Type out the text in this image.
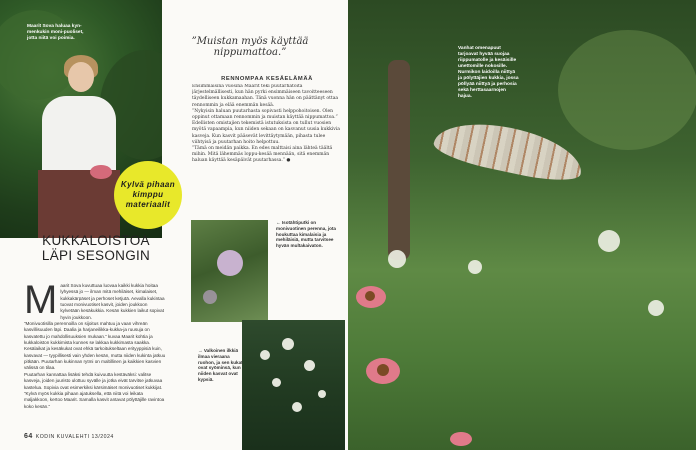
Maarit Sova haluaa kyn-menkukin moni-puoliset, jotta niitä voi poimia.
Kylvä pihaan kimppu materiaalit
KUKKALOISTOA LÄPI SESONGIN

Maarit Sova kuvuttuaa luovaa kaikki kukkia hoitaa lyhyessä jo — ilman mitä mehiläiset, kimalaiset, kukkakärpäset ja perhoset ketjutä. Aevalla kukintaa tuovat monivuotiset kasvit, joiden joukkoon kylvetään kesäkukkia. Kesän kukkien laikut sopivat hyvin joukkoon.

”Monivuotisilla perennoilla on sijoitus mahtuu ja vaan vihreän kasvillisuuden läpi. Daalia ja harjaneilikka-kukka-ja ruusuja on kasvatettu jo mahdollisuuksien mukaan.” kuvaa Maarit kohtia ja kukkaloiston kukkimista kunnes se lakkaa kukkimasta saakka.

Kesälaikat ja kesäkukat ovat ehkä tarkoitukseltaan erityyppisiä kuin, kasvavat — tyypillisesti vain yhden kesän, mutta niiden kukinta jatkuu pitkään. Puutarhan kukinnan rytmi on maltillinen ja kaikkien kasvien välissä on tilaa.

Puutarhan kannattaa lisäksi tehdä kuivuutta kestäväksi: valitse kasveja, joiden juuristo ulottuu syvälle ja jotka eivät tarvitse jatkuvaa kastelua. Sopivia ovat esimerkiksi kärsimäiset monivuotiset kukkijat.

”Kylvä myös kukkia pihaan ajatuksella, että niitä voi leikata maljakkoon, kertoo Maarit. Samalla kasvit antavat pölyttäjille ravintoa koko kesän.”

64 KODIN KUVALEHTI 13/2024
”Muistan myös käyttää nippumattoa.”
RENNOMPAA KESÄELÄMÄÄ

Ensimmäisinä vuosina Maarit teki puutarhatöitä järjestelmällisesti, kun hän pyrki ensimmäiseen tavoitteeseen täydelliseen kukkamaahan. Tänä vuonna hän on päättänyt ottaa rennommin ja elää enemmän kesää.

”Nykyisin haluan puutarhasta sopivasti helppohoitoisen. Olen oppinut ottamaan rennommin ja muistan käyttää nippumattoa.”

Edellisten omistajien tekemistä istutuksista on tullut vuosien myötä vapaampia, kun niiden sekaan on kasvanut uusia kukkivia kasveja. Kun kasvit pääsevät levittäytymään, pihasta tulee viihtyisä ja puutarhan hoito helpottuu.

”Tämä on meidän paikka. En edes malttaisi aina lähteä täältä mihin. Mitä lähemmäs loppu-kesää mennään, sitä enemmän haluan käyttää kesäpäivät puutarhassa.” ●

← Isotähtiputki on monivuotinen perenna, jota houkuttaa kimalaisia ja mehiläisiä, mutta tarvitsee hyvän multakaivaton.
→ Valkoinen ilkkiä ilmaa vieraana ruohon, ja sen kukat ovat syöminsä, kun niiden kasvat ovat kypsiä.
Vanhat omenapuut tarjoavat hyvää suojaa riippumatolle ja kesäisille unettomille nokosille. Nurmikon laidoilla niittyä ja pölyttäjien kukkia, jossa pöllyää niittyä ja perhosia sekä herttasaarnojen hajua.
